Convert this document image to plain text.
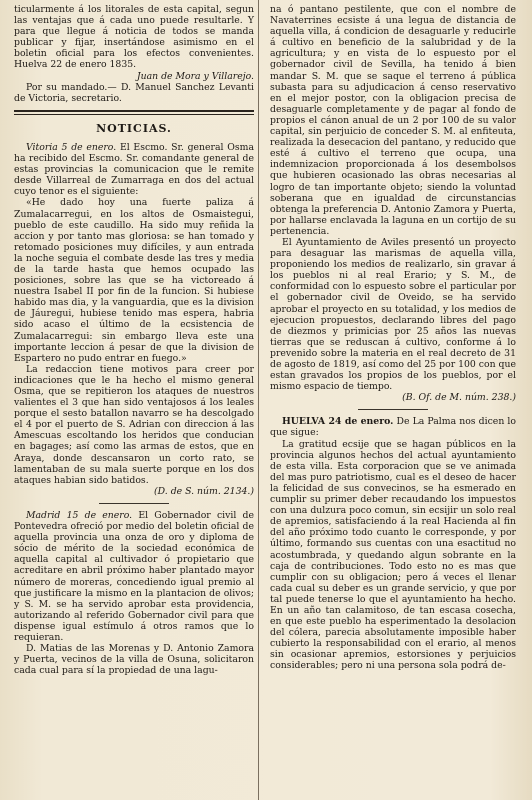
ticularmente á los litorales de esta capital, segun las ventajas que á cada uno puede resultarle. Y para que llegue á noticia de todos se manda publicar y fijar, insertándose asimismo en el boletin oficial para los efectos convenientes. Huelva 22 de enero 1835.

Juan de Mora y Villarejo.

Por su mandado.— D. Manuel Sanchez Levanti de Victoria, secretario.

NOTICIAS.

Vitoria 5 de enero. El Escmo. Sr. general Osma ha recibido del Escmo. Sr. comandante general de estas provincias la comunicacion que le remite desde Villarreal de Zumarraga en dos del actual cuyo tenor es el siguiente:

«He dado hoy una fuerte paliza á Zumalacarregui, en los altos de Osmaistegui, pueblo de este caudillo. Ha sido muy reñida la accion y por tanto mas gloriosa: se han tomado y retomado posiciones muy difíciles, y aun entrada la noche seguia el combate desde las tres y media de la tarde hasta que hemos ocupado las posiciones, sobre las que se ha victoreado á nuestra Isabel II por fin de la funcion. Si hubiese habido mas dia, y la vanguardia, que es la division de Jáuregui, hubiese tenido mas espera, habria sido acaso el último de la ecsistencia de Zumalacarregui: sin embargo lleva este una importante leccion á pesar de que la division de Espartero no pudo entrar en fuego.»

La redaccion tiene motivos para creer por indicaciones que le ha hecho el mismo general Osma, que se repitieron los ataques de nuestros valientes el 3 que han sido ventajosos á los leales porque el sesto batallon navarro se ha descolgado el 4 por el puerto de S. Adrian con direccion á las Amescuas escoltando los heridos que conducian en bagages; así como las armas de estos, que en Araya, donde descansaron un corto rato, se lamentaban de su mala suerte porque en los dos ataques habian sido batidos.

(D. de S. núm. 2134.)

Madrid 15 de enero. El Gobernador civil de Pontevedra ofreció por medio del boletin oficial de aquella provincia una onza de oro y diploma de sócio de mérito de la sociedad económica de aquella capital al cultivador ó propietario que acreditare en abril próximo haber plantado mayor número de moreras, concediendo igual premio al que justificare la mismo en la plantacion de olivos; y S. M. se ha servido aprobar esta providencia, autorizando al referido Gobernador civil para que dispense igual estímulo á otros ramos que lo requieran.

D. Matias de las Morenas y D. Antonio Zamora y Puerta, vecinos de la villa de Osuna, solicitaron cada cual para sí la propiedad de una lagu-

na ó pantano pestilente, que con el nombre de Navaterrines ecsiste á una legua de distancia de aquella villa, á condicion de desaguarle y reducirle á cultivo en beneficio de la salubridad y de la agricultura; y en vista de lo espuesto por el gobernador civil de Sevilla, ha tenido á bien mandar S. M. que se saque el terreno á pública subasta para su adjudicacion á censo reservativo en el mejor postor, con la obligacion precisa de desaguarle completamente y de pagar al fondo de propios el cánon anual de un 2 por 100 de su valor capital, sin perjuicio de conceder S. M. al enfiteuta, realizada la desecacion del pantano, y reducido que esté á cultivo el terreno que ocupa, una indemnizacion proporcionada á los desembolsos que hubieren ocasionado las obras necesarias al logro de tan importante objeto; siendo la voluntad soberana que en igualdad de circunstancias obtenga la preferencia D. Antonio Zamora y Puerta, por hallarse enclavada la laguna en un cortijo de su pertenencia.

El Ayuntamiento de Aviles presentó un proyecto para desaguar las marismas de aquella villa, proponiendo los medios de realizarlo, sin gravar á los pueblos ni al real Erario; y S. M., de conformidad con lo espuesto sobre el particular por el gobernador civil de Oveido, se ha servido aprobar el proyecto en su totalidad, y los medios de ejecucion propuestos, declarando libres del pago de diezmos y primicias por 25 años las nuevas tierras que se reduscan á cultivo, conforme á lo prevenido sobre la materia en el real decreto de 31 de agosto de 1819, así como del 25 por 100 con que estan gravados los propios de los pueblos, por el mismo espacio de tiempo.

(B. Of. de M. núm. 238.)

HUELVA 24 de enero. De La Palma nos dicen lo que sigue:

La gratitud ecsije que se hagan públicos en la provincia algunos hechos del actual ayuntamiento de esta villa. Esta corporacion que se ve animada del mas puro patriotismo, cual es el deseo de hacer la felicidad de sus convecinos, se ha esmerado en cumplir su primer deber recaudando los impuestos con una dulzura poco comun, sin ecsijir un solo real de apremios, satisfaciendo á la real Hacienda al fin del año próximo todo cuanto le corresponde, y por último, formando sus cuentas con una esactitud no acostumbrada, y quedando algun sobrante en la caja de contribuciones. Todo esto no es mas que cumplir con su obligacion; pero á veces el llenar cada cual su deber es un grande servicio, y que por tal puede tenerse lo que el ayuntamiento ha hecho. En un año tan calamitoso, de tan escasa cosecha, en que este pueblo ha esperimentado la desolacion del cólera, parecia absolutamente imposible haber cubierto la responsabilidad con el erario, al menos sin ocasionar apremios, estorsiones y perjuicios considerables; pero ni una persona sola podrá de-
